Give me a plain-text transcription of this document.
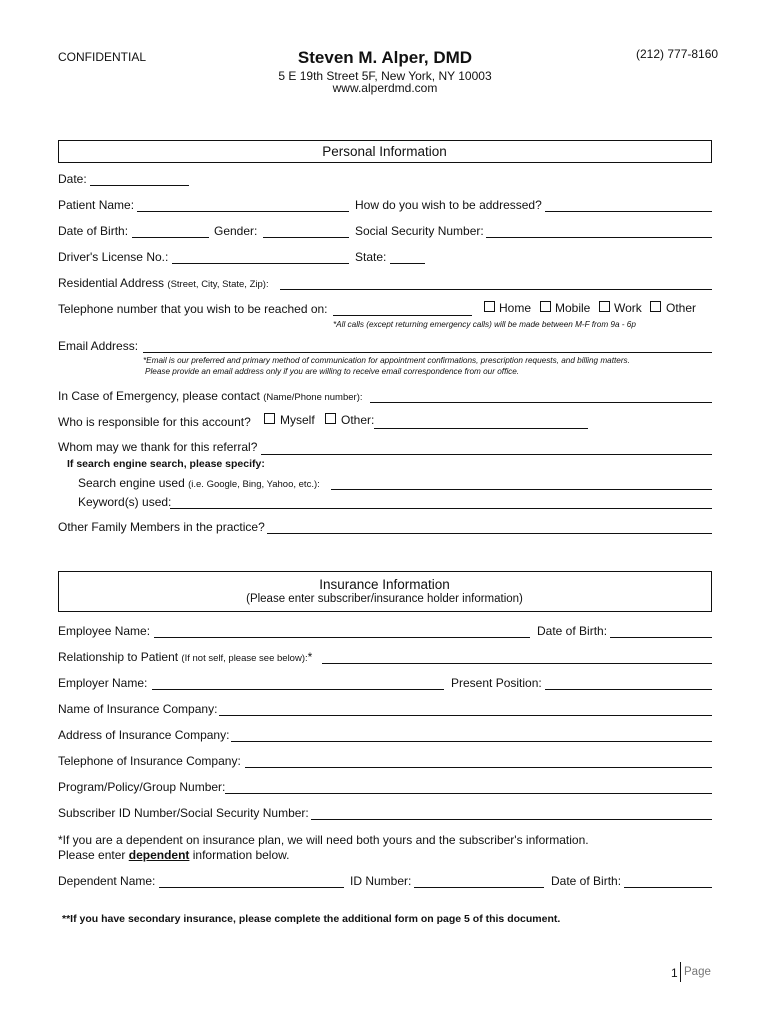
CONFIDENTIAL	Steven M. Alper, DMD	(212) 777-8160
5 E 19th Street 5F, New York, NY 10003
www.alperdmd.com
Personal Information
Date:
Patient Name:	How do you wish to be addressed?
Date of Birth:	Gender:	Social Security Number:
Driver's License No.:	State:
Residential Address (Street, City, State, Zip):
Telephone number that you wish to be reached on:	Home Mobile Work Other
*All calls (except returning emergency calls) will be made between M-F from 9a - 6p
Email Address:
*Email is our preferred and primary method of communication for appointment confirmations, prescription requests, and billing matters.
Please provide an email address only if you are willing to receive email correspondence from our office.
In Case of Emergency, please contact (Name/Phone number):
Who is responsible for this account? Myself Other:
Whom may we thank for this referral?
If search engine search, please specify:
Search engine used (i.e. Google, Bing, Yahoo, etc.):
Keyword(s) used:
Other Family Members in the practice?
Insurance Information
(Please enter subscriber/insurance holder information)
Employee Name:	Date of Birth:
Relationship to Patient (If not self, please see below):*
Employer Name:	Present Position:
Name of Insurance Company:
Address of Insurance Company:
Telephone of Insurance Company:
Program/Policy/Group Number:
Subscriber ID Number/Social Security Number:
*If you are a dependent on insurance plan, we will need both yours and the subscriber's information.
Please enter dependent information below.
Dependent Name:	ID Number:	Date of Birth:
**If you have secondary insurance, please complete the additional form on page 5 of this document.
1 Page
